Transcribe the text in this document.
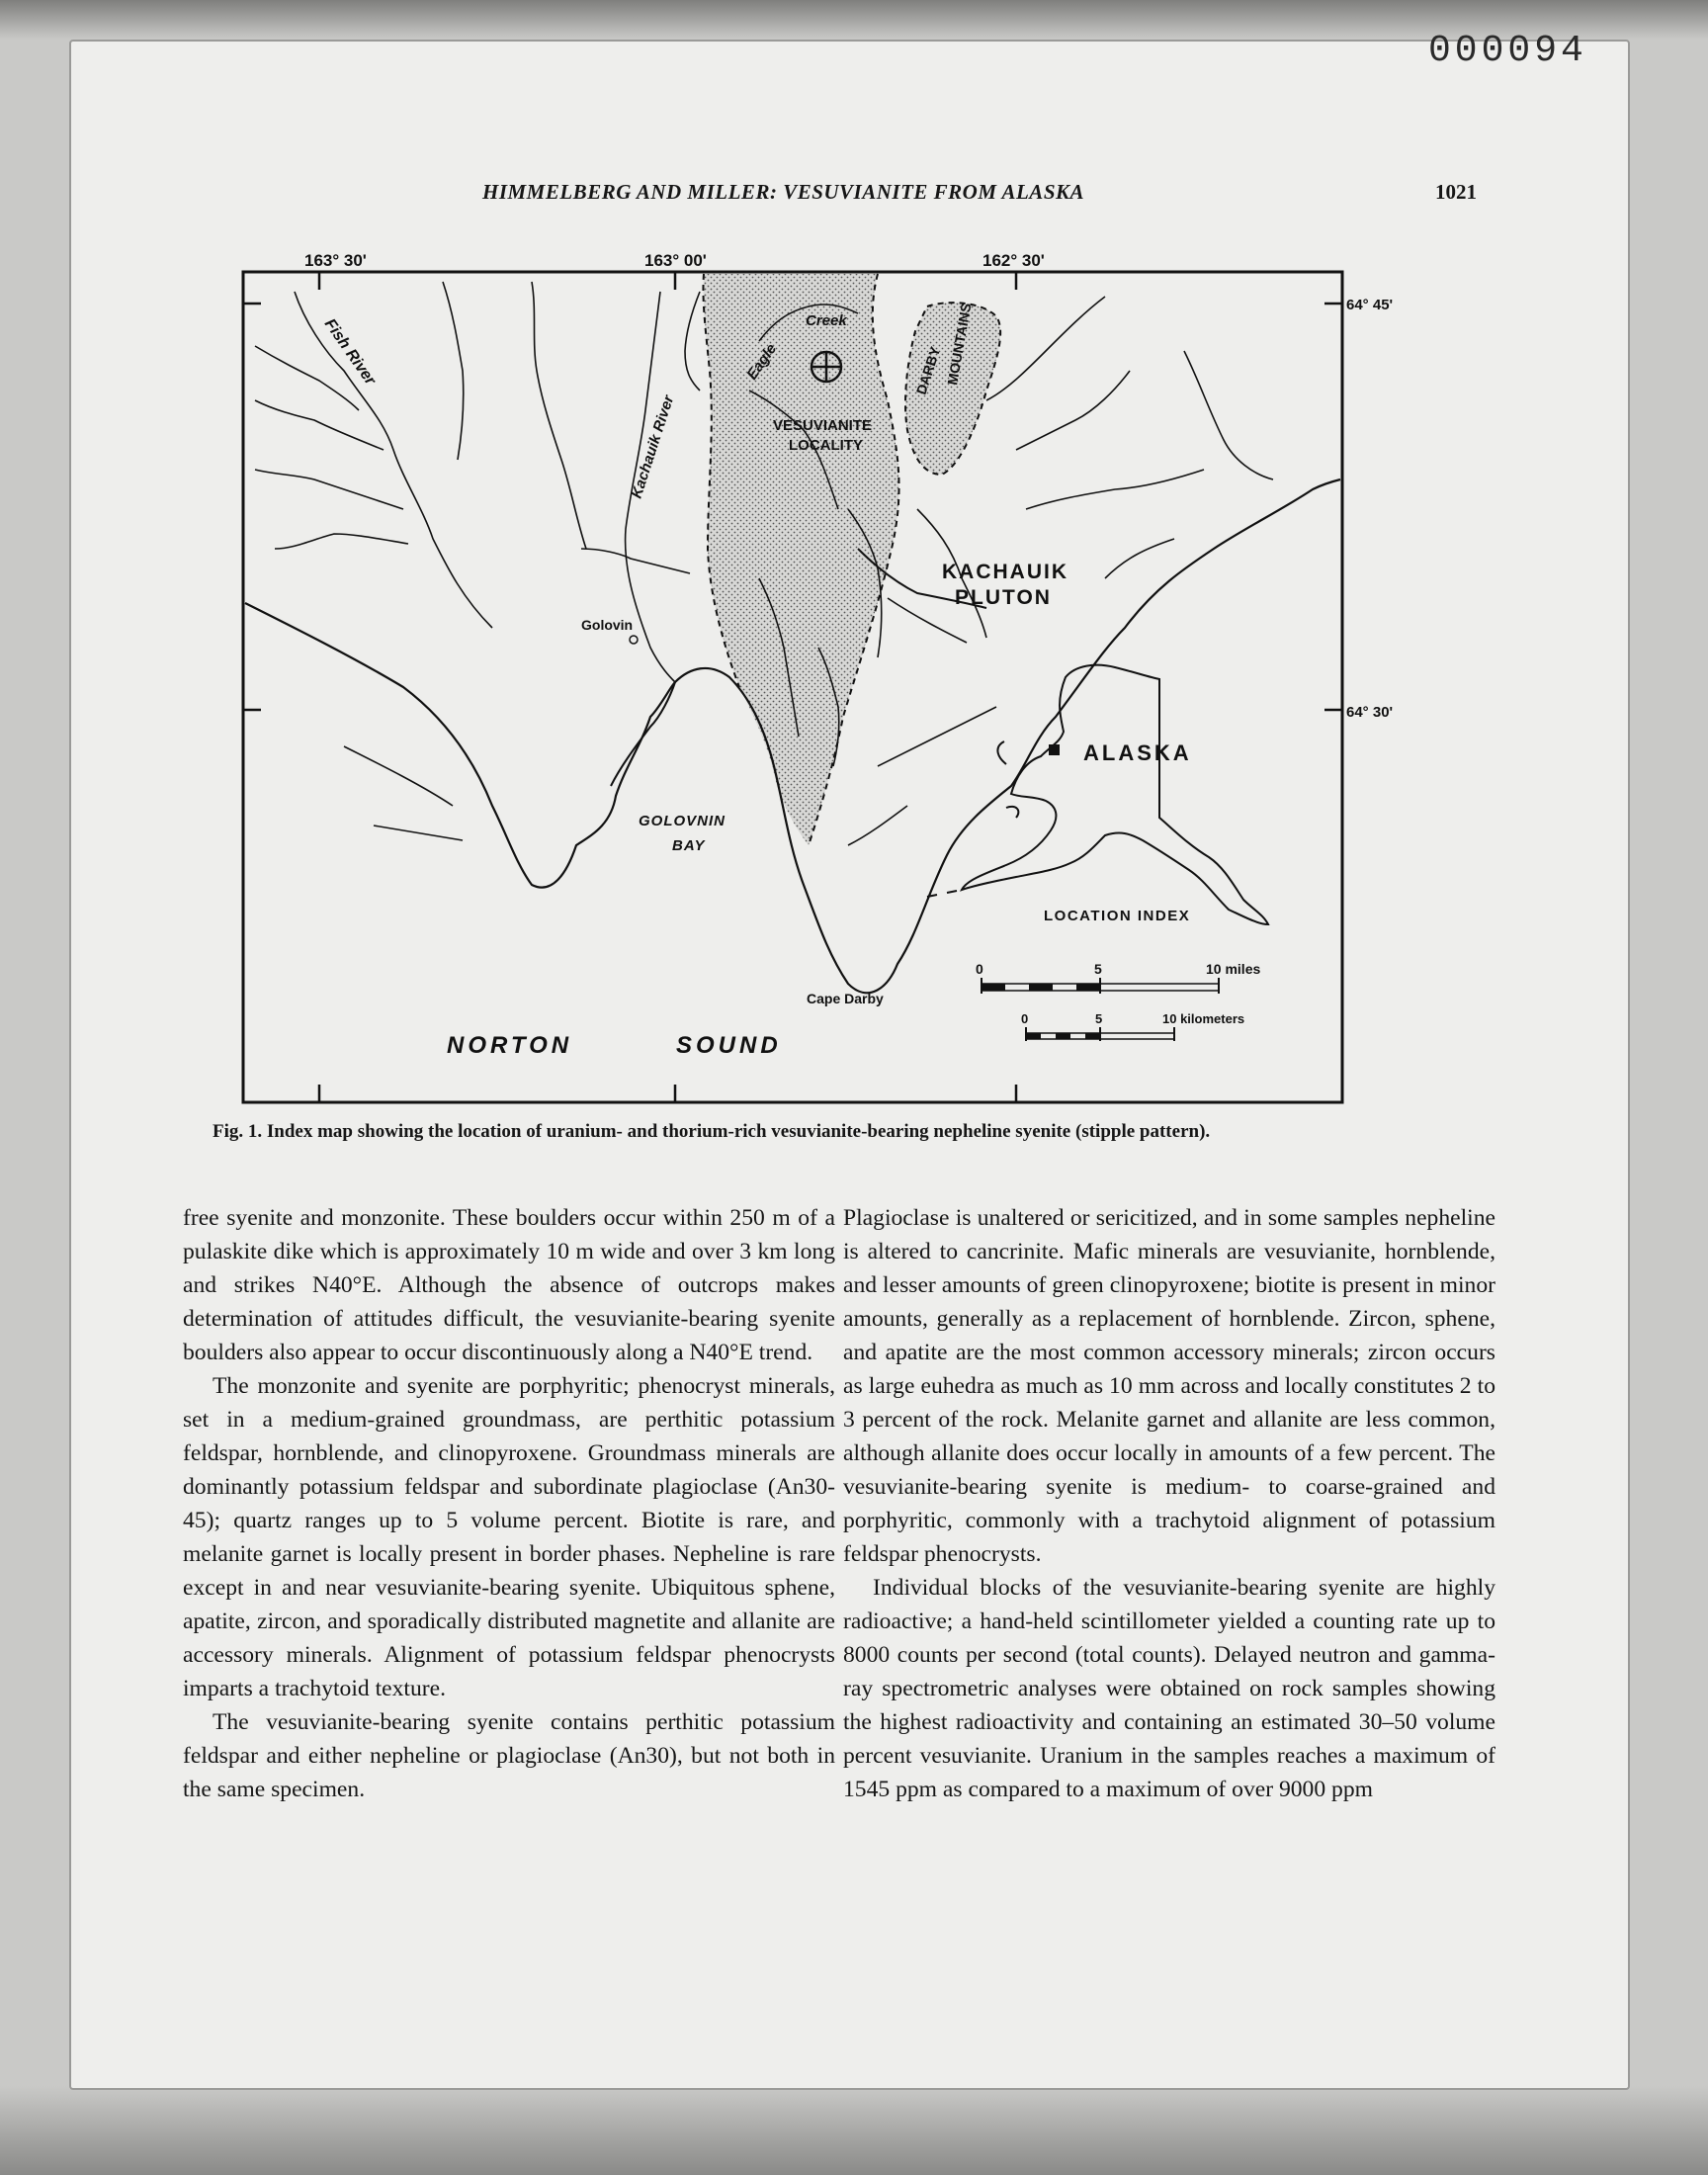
000094
HIMMELBERG AND MILLER: VESUVIANITE FROM ALASKA	1021
163° 30'	163° 00'	162° 30'
64° 45'
64° 30'
Fish River
Kachauik River
Eagle
Creek
DARBY MOUNTAINS
VESUVIANITE
LOCALITY
KACHAUIK
PLUTON
Golovin
Cape Darby
GOLOVNIN
BAY
NORTON	SOUND
ALASKA
LOCATION INDEX
0	5	10 miles
0	5	10 kilometers
Fig. 1. Index map showing the location of uranium- and thorium-rich vesuvianite-bearing nepheline syenite (stipple pattern).

free syenite and monzonite. These boulders occur within 250 m of a pulaskite dike which is approximately 10 m wide and over 3 km long and strikes N40°E. Although the absence of outcrops makes determination of attitudes difficult, the vesuvianite-bearing syenite boulders also appear to occur discontinuously along a N40°E trend.

The monzonite and syenite are porphyritic; phenocryst minerals, set in a medium-grained groundmass, are perthitic potassium feldspar, hornblende, and clinopyroxene. Groundmass minerals are dominantly potassium feldspar and subordinate plagioclase (An30-45); quartz ranges up to 5 volume percent. Biotite is rare, and melanite garnet is locally present in border phases. Nepheline is rare except in and near vesuvianite-bearing syenite. Ubiquitous sphene, apatite, zircon, and sporadically distributed magnetite and allanite are accessory minerals. Alignment of potassium feldspar phenocrysts imparts a trachytoid texture.

The vesuvianite-bearing syenite contains perthitic potassium feldspar and either nepheline or plagioclase (An30), but not both in the same specimen.

Plagioclase is unaltered or sericitized, and in some samples nepheline is altered to cancrinite. Mafic minerals are vesuvianite, hornblende, and lesser amounts of green clinopyroxene; biotite is present in minor amounts, generally as a replacement of hornblende. Zircon, sphene, and apatite are the most common accessory minerals; zircon occurs as large euhedra as much as 10 mm across and locally constitutes 2 to 3 percent of the rock. Melanite garnet and allanite are less common, although allanite does occur locally in amounts of a few percent. The vesuvianite-bearing syenite is medium- to coarse-grained and porphyritic, commonly with a trachytoid alignment of potassium feldspar phenocrysts.

Individual blocks of the vesuvianite-bearing syenite are highly radioactive; a hand-held scintillometer yielded a counting rate up to 8000 counts per second (total counts). Delayed neutron and gamma-ray spectrometric analyses were obtained on rock samples showing the highest radioactivity and containing an estimated 30–50 volume percent vesuvianite. Uranium in the samples reaches a maximum of 1545 ppm as compared to a maximum of over 9000 ppm
